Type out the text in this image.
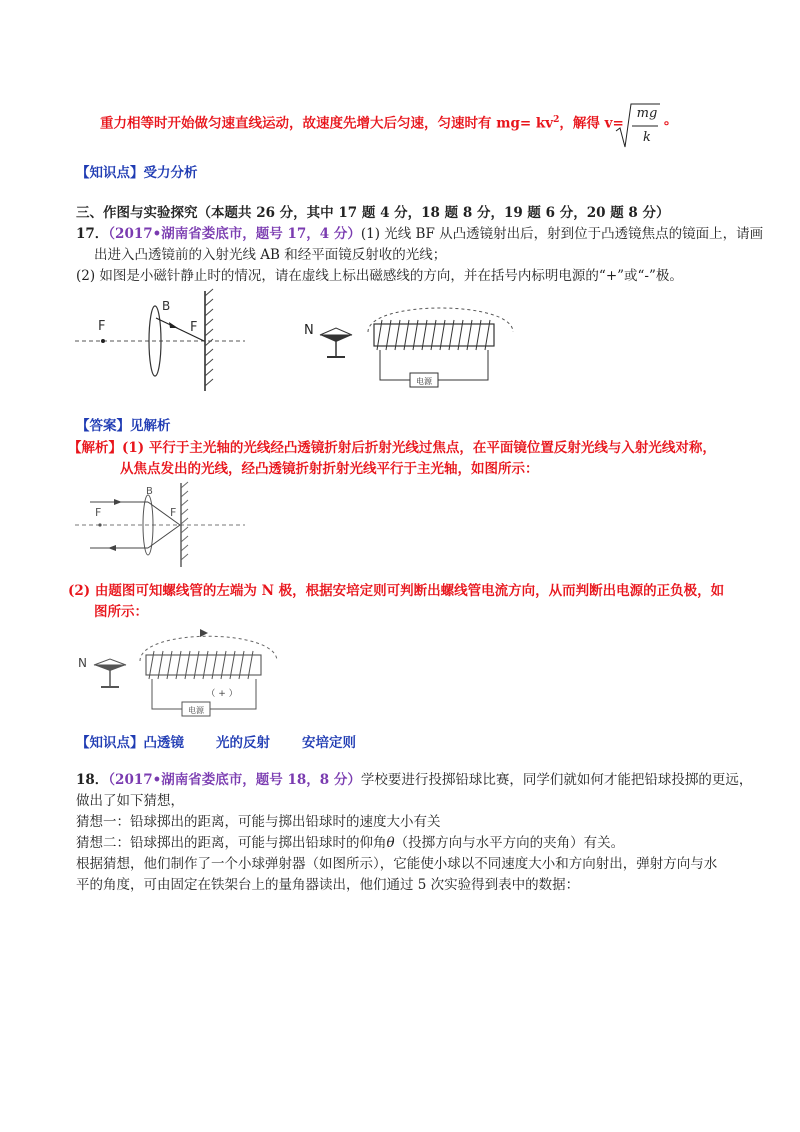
重力相等时开始做匀速直线运动，故速度先增大后匀速，匀速时有 $mg= kv^2$，解得 v=
mg
k
。
【知识点】受力分析
三、作图与实验探究（本题共 26 分，其中 17 题 4 分，18 题 8 分，19 题 6 分，20 题 8 分）
17．（2017•湖南省娄底市，题号 17，4 分）(1) 光线 BF 从凸透镜射出后，射到位于凸透镜焦点的镜面上，请画
出进入凸透镜前的入射光线 AB 和经平面镜反射收的光线；
(2) 如图是小磁针静止时的情况，请在虚线上标出磁感线的方向，并在括号内标明电源的“+”或“-”极。
F
B
F	N
电源
【答案】见解析
【解析】(1) 平行于主光轴的光线经凸透镜折射后折射光线过焦点，在平面镜位置反射光线与入射光线对称，
从焦点发出的光线，经凸透镜折射折射光线平行于主光轴，如图所示：
F
B
F
(2) 由题图可知螺线管的左端为 N 极，根据安培定则可判断出螺线管电流方向，从而判断出电源的正负极，如
图所示：
N
（ + ）
电源
【知识点】凸透镜 光的反射 安培定则
18．（2017•湖南省娄底市，题号 18，8 分）学校要进行投掷铅球比赛，同学们就如何才能把铅球投掷的更远，
做出了如下猜想，
猜想一：铅球掷出的距离，可能与掷出铅球时的速度大小有关
猜想二：铅球掷出的距离，可能与掷出铅球时的仰角θ（投掷方向与水平方向的夹角）有关。
根据猜想，他们制作了一个小球弹射器（如图所示），它能使小球以不同速度大小和方向射出，弹射方向与水
平的角度，可由固定在铁架台上的量角器读出，他们通过 5 次实验得到表中的数据：
